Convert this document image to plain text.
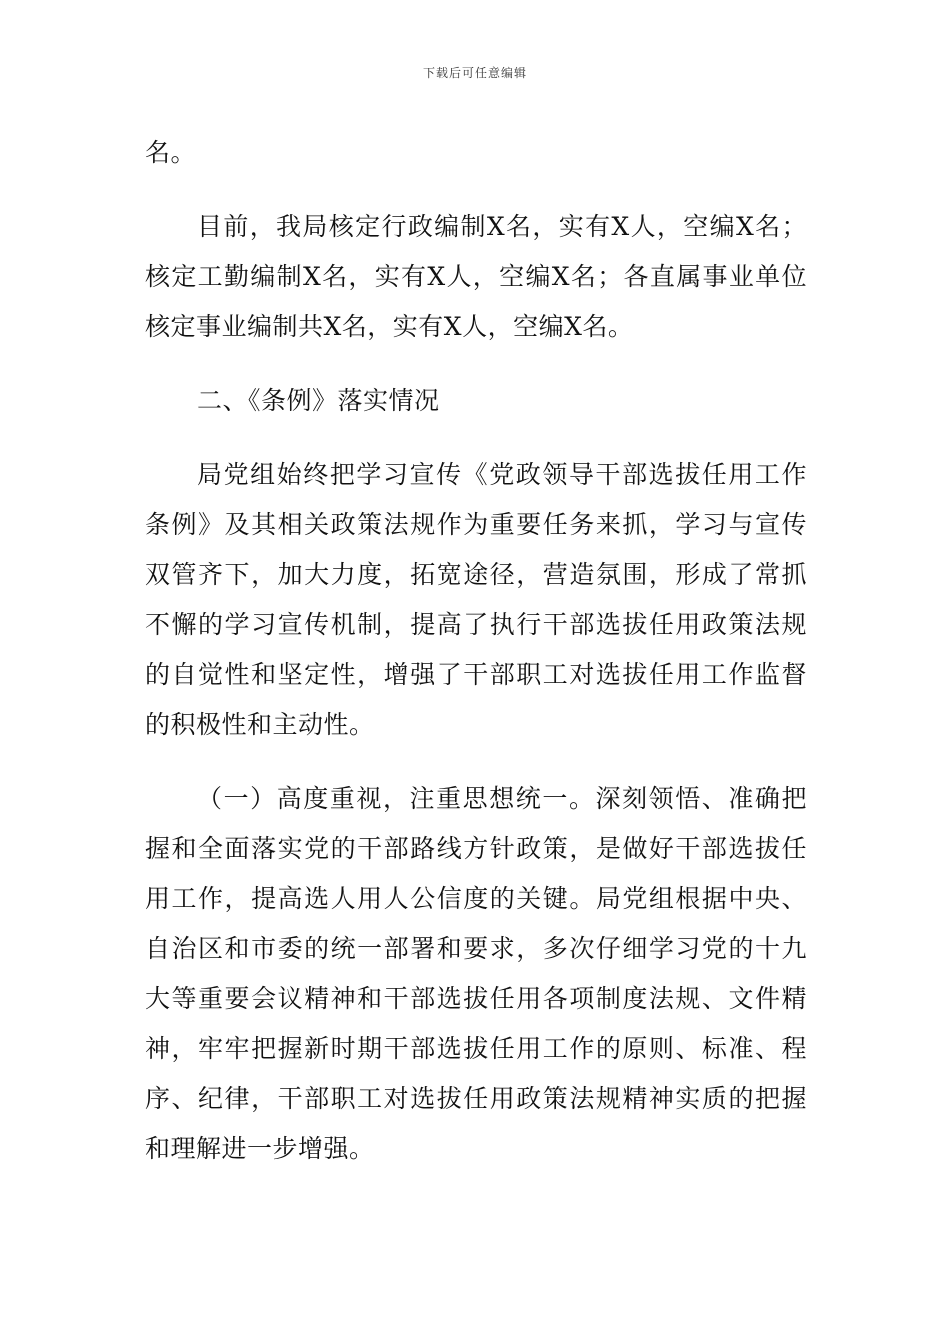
下载后可任意编辑

名。

目前，我局核定行政编制X名，实有X人，空编X名；核定工勤编制X名，实有X人，空编X名；各直属事业单位核定事业编制共X名，实有X人，空编X名。

二、《条例》落实情况

局党组始终把学习宣传《党政领导干部选拔任用工作条例》及其相关政策法规作为重要任务来抓，学习与宣传双管齐下，加大力度，拓宽途径，营造氛围，形成了常抓不懈的学习宣传机制，提高了执行干部选拔任用政策法规的自觉性和坚定性，增强了干部职工对选拔任用工作监督的积极性和主动性。

（一）高度重视，注重思想统一。深刻领悟、准确把握和全面落实党的干部路线方针政策，是做好干部选拔任用工作，提高选人用人公信度的关键。局党组根据中央、自治区和市委的统一部署和要求，多次仔细学习党的十九大等重要会议精神和干部选拔任用各项制度法规、文件精神，牢牢把握新时期干部选拔任用工作的原则、标准、程序、纪律，干部职工对选拔任用政策法规精神实质的把握和理解进一步增强。
